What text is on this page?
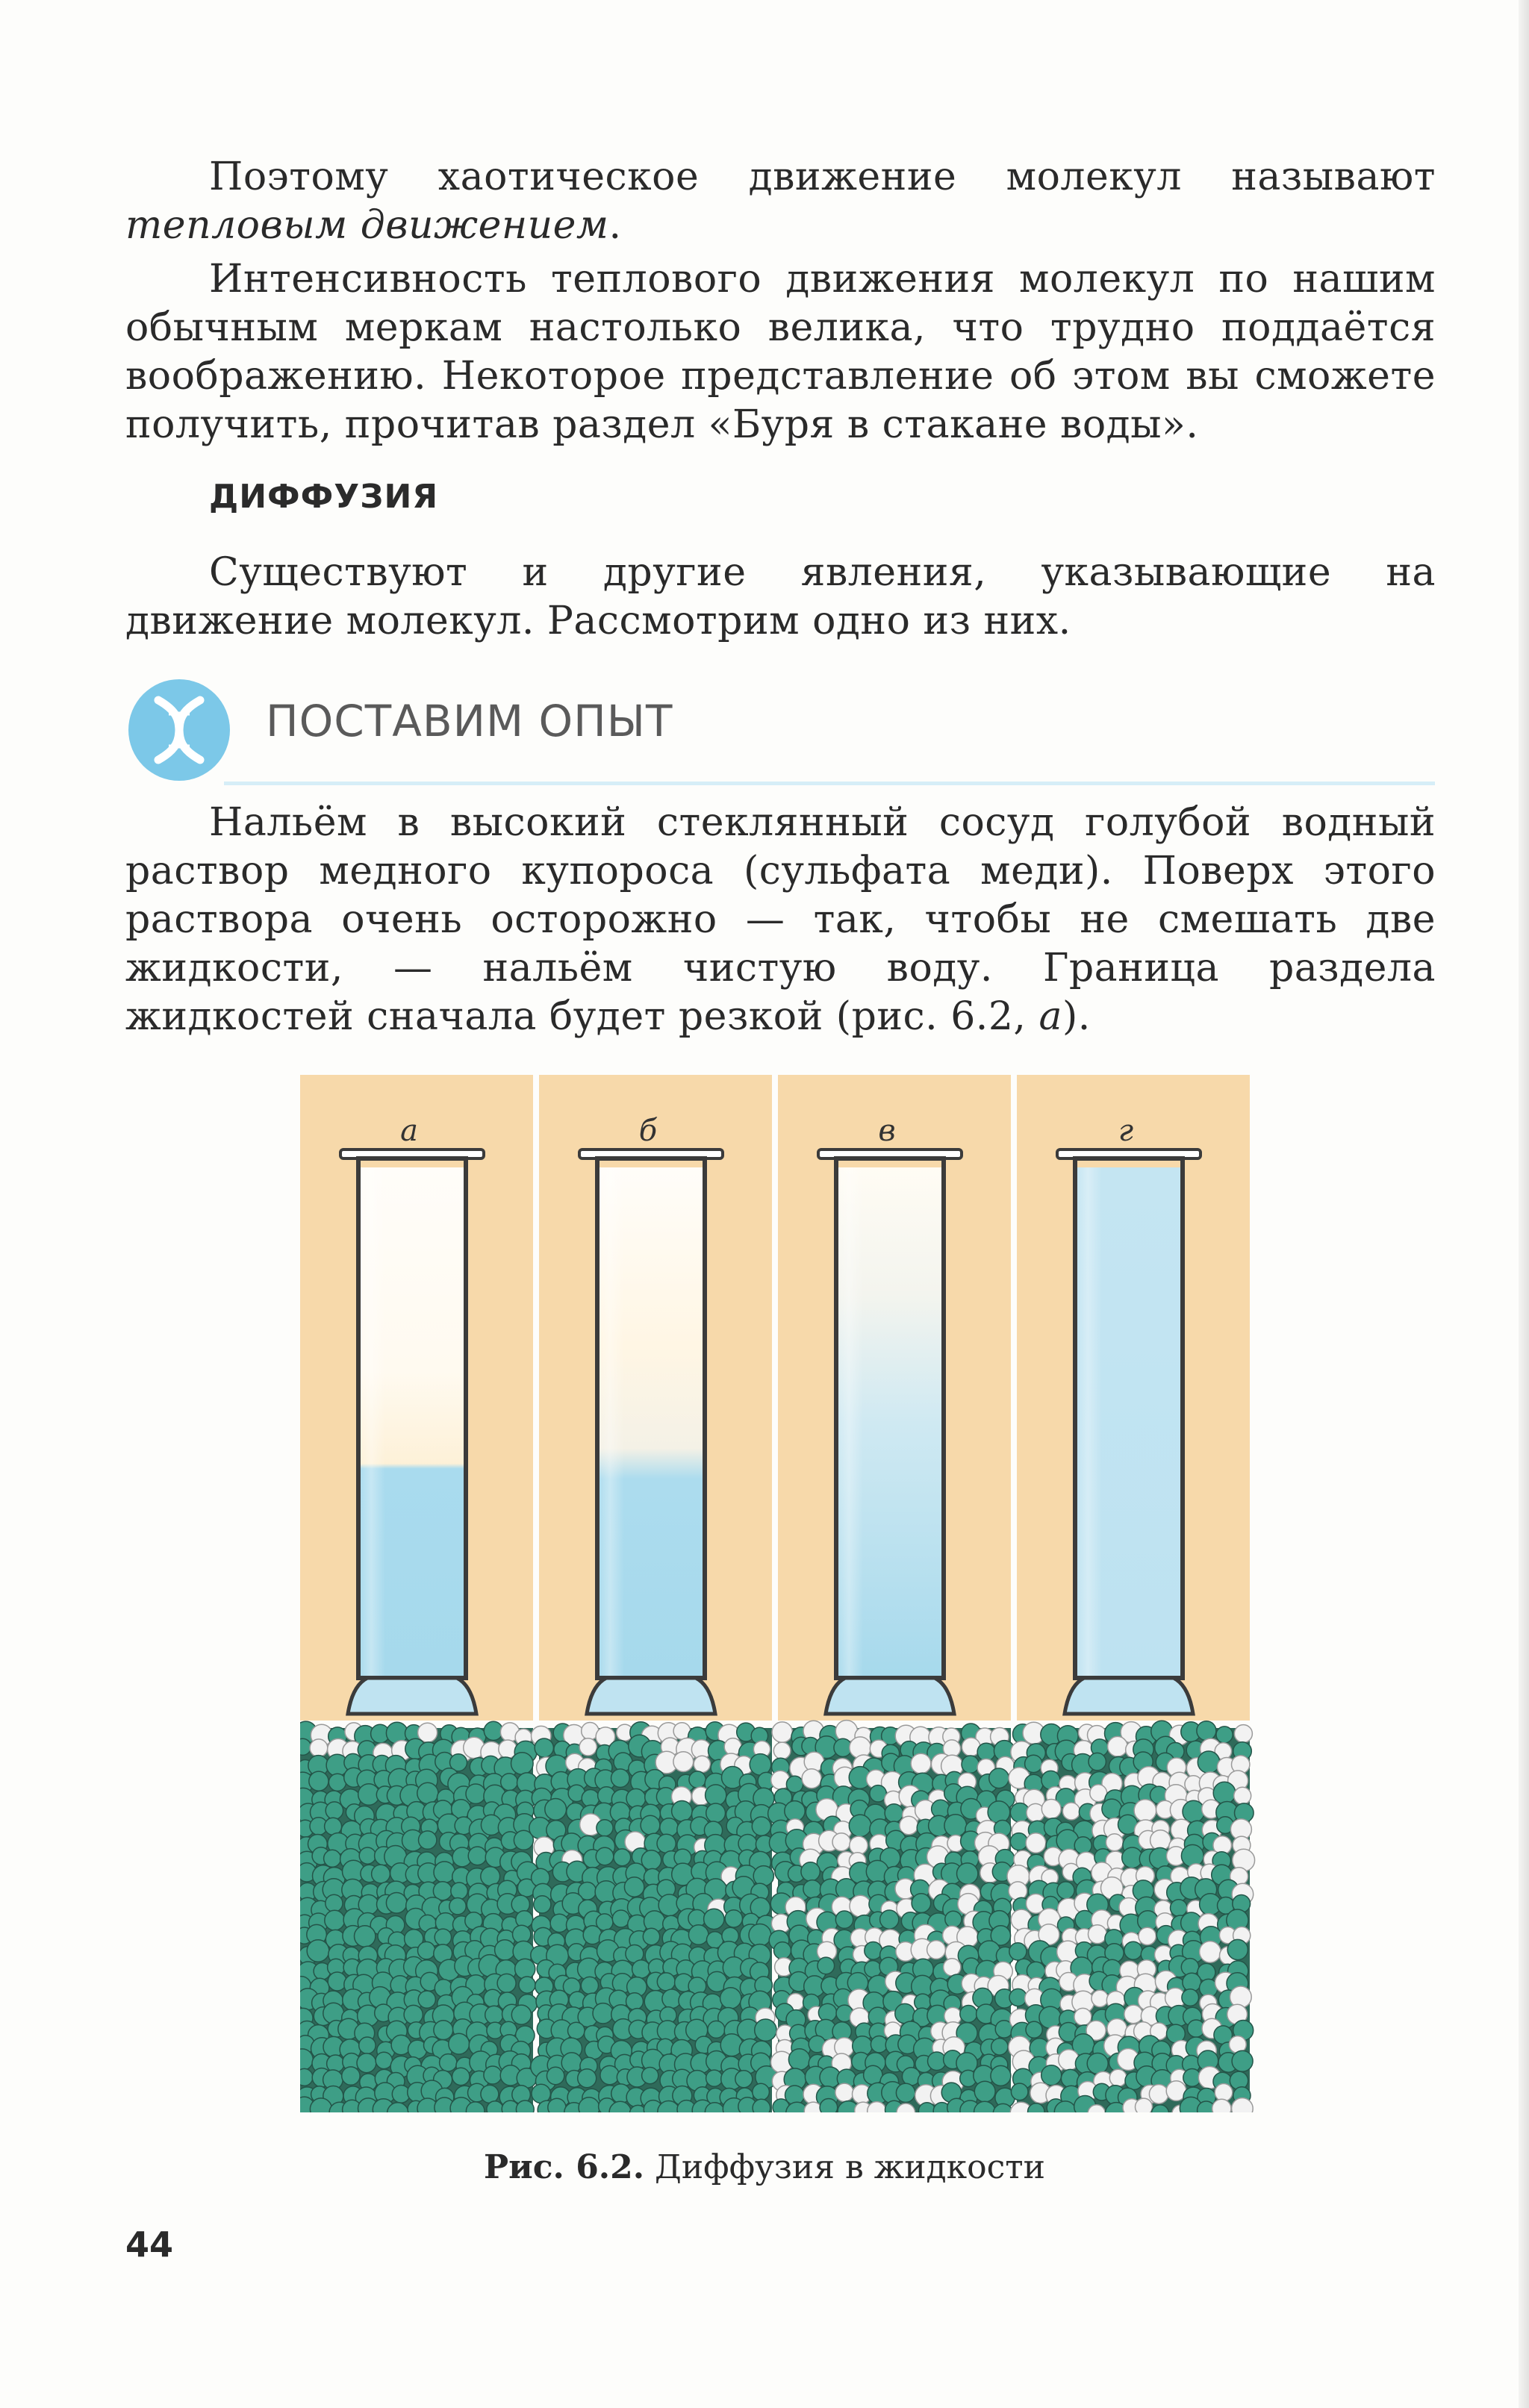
Поэтому хаотическое движение молекул называют тепловым движением.

Интенсивность теплового движения молекул по нашим обычным меркам настолько велика, что трудно поддаётся воображению. Некоторое представление об этом вы сможете получить, прочитав раздел «Буря в стакане воды».

ДИФФУЗИЯ

Существуют и другие явления, указывающие на движение молекул. Рассмотрим одно из них.

ПОСТАВИМ ОПЫТ

Нальём в высокий стеклянный сосуд голубой водный раствор медного купороса (сульфата меди). Поверх этого раствора очень осторожно — так, чтобы не смешать две жидкости, — нальём чистую воду. Граница раздела жидкостей сначала будет резкой (рис. 6.2, а).

а	б	в	г
Рис. 6.2. Диффузия в жидкости
44
